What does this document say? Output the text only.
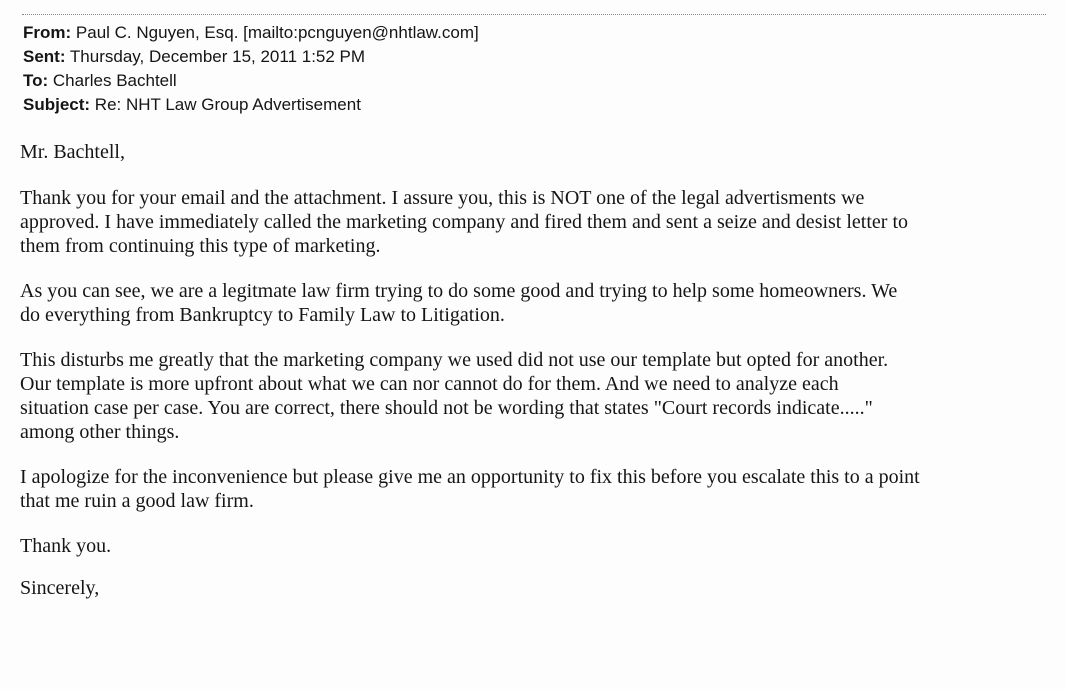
From: Paul C. Nguyen, Esq. [mailto:pcnguyen@nhtlaw.com]
Sent: Thursday, December 15, 2011 1:52 PM
To: Charles Bachtell
Subject: Re: NHT Law Group Advertisement

Mr. Bachtell,

Thank you for your email and the attachment. I assure you, this is NOT one of the legal advertisments we
approved. I have immediately called the marketing company and fired them and sent a seize and desist letter to
them from continuing this type of marketing.

As you can see, we are a legitmate law firm trying to do some good and trying to help some homeowners. We
do everything from Bankruptcy to Family Law to Litigation.

This disturbs me greatly that the marketing company we used did not use our template but opted for another.
Our template is more upfront about what we can nor cannot do for them. And we need to analyze each
situation case per case. You are correct, there should not be wording that states "Court records indicate....."
among other things.

I apologize for the inconvenience but please give me an opportunity to fix this before you escalate this to a point
that me ruin a good law firm.

Thank you.

Sincerely,
